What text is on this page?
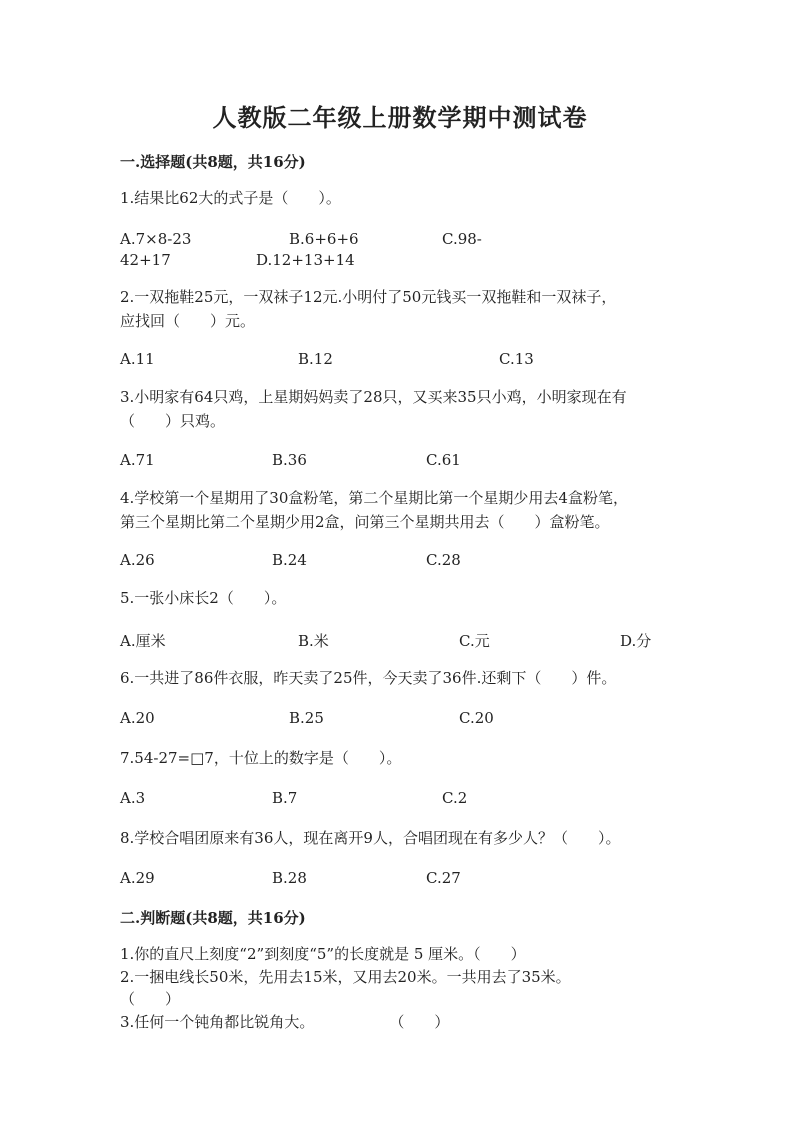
人教版二年级上册数学期中测试卷
一.选择题(共8题，共16分)
1.结果比62大的式子是（　　）。
A.7×8-23	B.6+6+6	C.98-
42+17	D.12+13+14
2.一双拖鞋25元，一双袜子12元.小明付了50元钱买一双拖鞋和一双袜子，
应找回（　　）元。
A.11	B.12	C.13
3.小明家有64只鸡，上星期妈妈卖了28只，又买来35只小鸡，小明家现在有
（　　）只鸡。
A.71	B.36	C.61
4.学校第一个星期用了30盒粉笔，第二个星期比第一个星期少用去4盒粉笔，
第三个星期比第二个星期少用2盒，问第三个星期共用去（　　）盒粉笔。
A.26	B.24	C.28
5.一张小床长2（　　）。
A.厘米	B.米	C.元	D.分
6.一共进了86件衣服，昨天卖了25件，今天卖了36件.还剩下（　　）件。
A.20	B.25	C.20
7.54-27=□7，十位上的数字是（　　）。
A.3	B.7	C.2
8.学校合唱团原来有36人，现在离开9人，合唱团现在有多少人？（　　）。
A.29	B.28	C.27
二.判断题(共8题，共16分)
1.你的直尺上刻度“2”到刻度“5”的长度就是 5 厘米。（　　）
2.一捆电线长50米，先用去15米，又用去20米。一共用去了35米。
（　　）
3.任何一个钝角都比锐角大。　　　　　　（　　）
